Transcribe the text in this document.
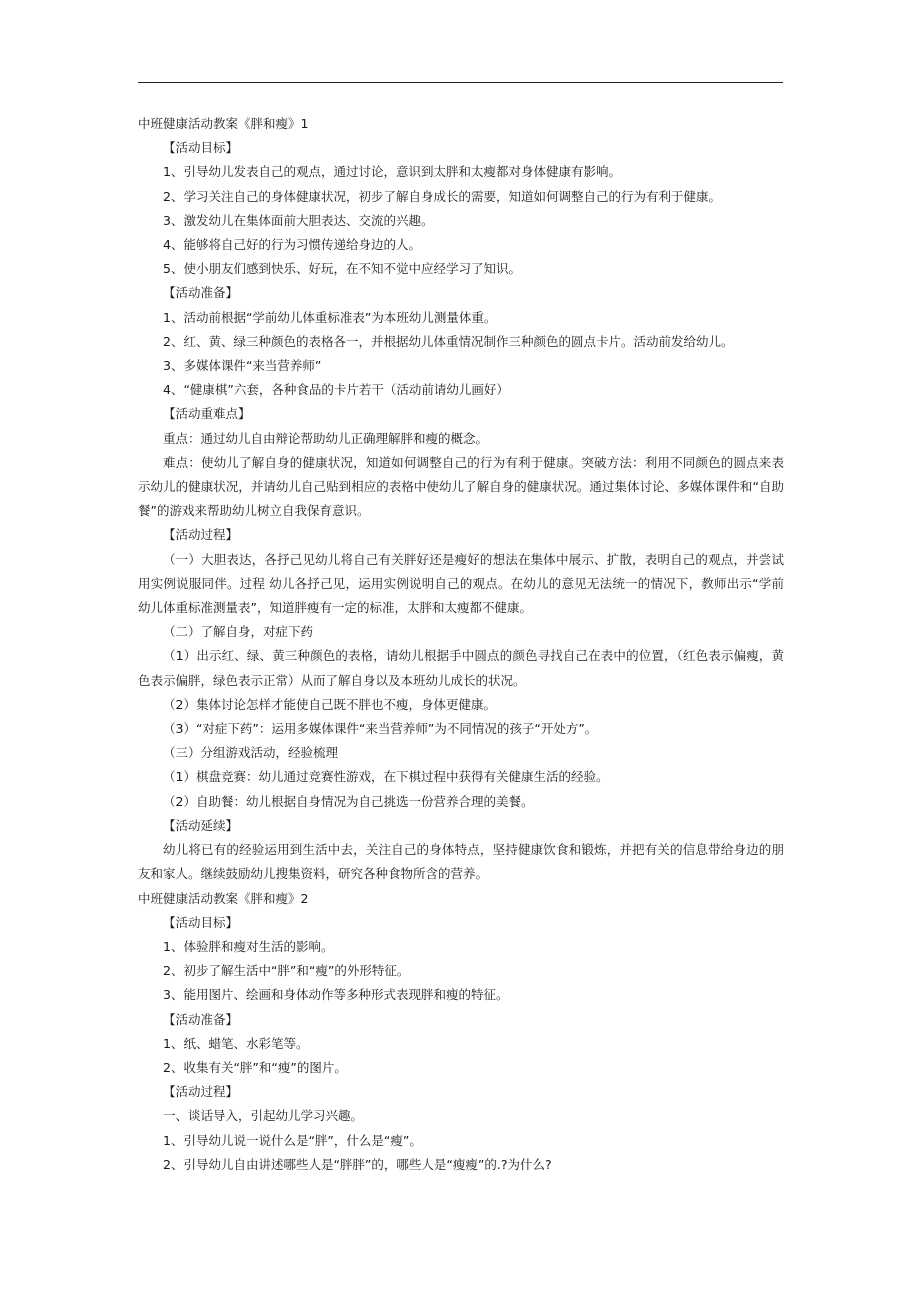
中班健康活动教案《胖和瘦》1

【活动目标】

1、引导幼儿发表自己的观点，通过讨论，意识到太胖和太瘦都对身体健康有影响。

2、学习关注自己的身体健康状况，初步了解自身成长的需要，知道如何调整自己的行为有利于健康。

3、激发幼儿在集体面前大胆表达、交流的兴趣。

4、能够将自己好的行为习惯传递给身边的人。

5、使小朋友们感到快乐、好玩，在不知不觉中应经学习了知识。

【活动准备】

1、活动前根据“学前幼儿体重标准表”为本班幼儿测量体重。

2、红、黄、绿三种颜色的表格各一，并根据幼儿体重情况制作三种颜色的圆点卡片。活动前发给幼儿。

3、多媒体课件“来当营养师”

4、“健康棋”六套，各种食品的卡片若干（活动前请幼儿画好）

【活动重难点】

重点：通过幼儿自由辩论帮助幼儿正确理解胖和瘦的概念。

难点：使幼儿了解自身的健康状况，知道如何调整自己的行为有利于健康。突破方法：利用不同颜色的圆点来表示幼儿的健康状况，并请幼儿自己贴到相应的表格中使幼儿了解自身的健康状况。通过集体讨论、多媒体课件和“自助餐”的游戏来帮助幼儿树立自我保育意识。

【活动过程】

（一）大胆表达，各抒己见幼儿将自己有关胖好还是瘦好的想法在集体中展示、扩散，表明自己的观点，并尝试用实例说服同伴。过程 幼儿各抒己见，运用实例说明自己的观点。在幼儿的意见无法统一的情况下，教师出示“学前幼儿体重标准测量表”，知道胖瘦有一定的标准，太胖和太瘦都不健康。

（二）了解自身，对症下药

（1）出示红、绿、黄三种颜色的表格，请幼儿根据手中圆点的颜色寻找自己在表中的位置，（红色表示偏瘦，黄色表示偏胖，绿色表示正常）从而了解自身以及本班幼儿成长的状况。

（2）集体讨论怎样才能使自己既不胖也不瘦，身体更健康。

（3）“对症下药”：运用多媒体课件“来当营养师”为不同情况的孩子“开处方”。

（三）分组游戏活动，经验梳理

（1）棋盘竞赛：幼儿通过竞赛性游戏，在下棋过程中获得有关健康生活的经验。

（2）自助餐：幼儿根据自身情况为自己挑选一份营养合理的美餐。

【活动延续】

幼儿将已有的经验运用到生活中去，关注自己的身体特点，坚持健康饮食和锻炼，并把有关的信息带给身边的朋友和家人。继续鼓励幼儿搜集资料，研究各种食物所含的营养。

中班健康活动教案《胖和瘦》2

【活动目标】

1、体验胖和瘦对生活的影响。

2、初步了解生活中“胖”和“瘦”的外形特征。

3、能用图片、绘画和身体动作等多种形式表现胖和瘦的特征。

【活动准备】

1、纸、蜡笔、水彩笔等。

2、收集有关“胖”和“瘦”的图片。

【活动过程】

一、谈话导入，引起幼儿学习兴趣。

1、引导幼儿说一说什么是“胖”，什么是“瘦”。

2、引导幼儿自由讲述哪些人是“胖胖”的，哪些人是“瘦瘦”的.?为什么?
